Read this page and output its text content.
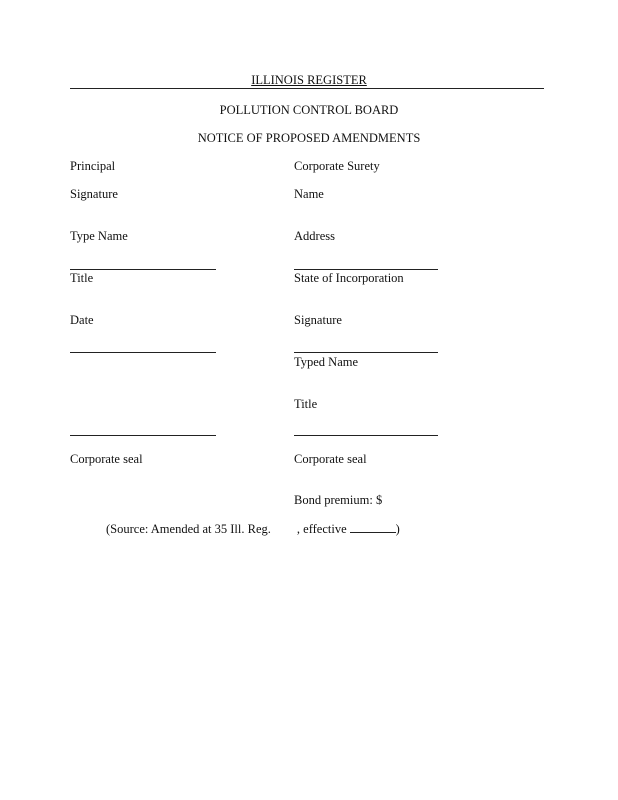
ILLINOIS REGISTER
POLLUTION CONTROL BOARD
NOTICE OF PROPOSED AMENDMENTS
Principal
Signature
Type Name
Title
Date
Corporate seal
Corporate Surety
Name
Address
State of Incorporation
Signature
Typed Name
Title
Corporate seal
Bond premium: $
(Source: Amended at 35 Ill. Reg. , effective	)
